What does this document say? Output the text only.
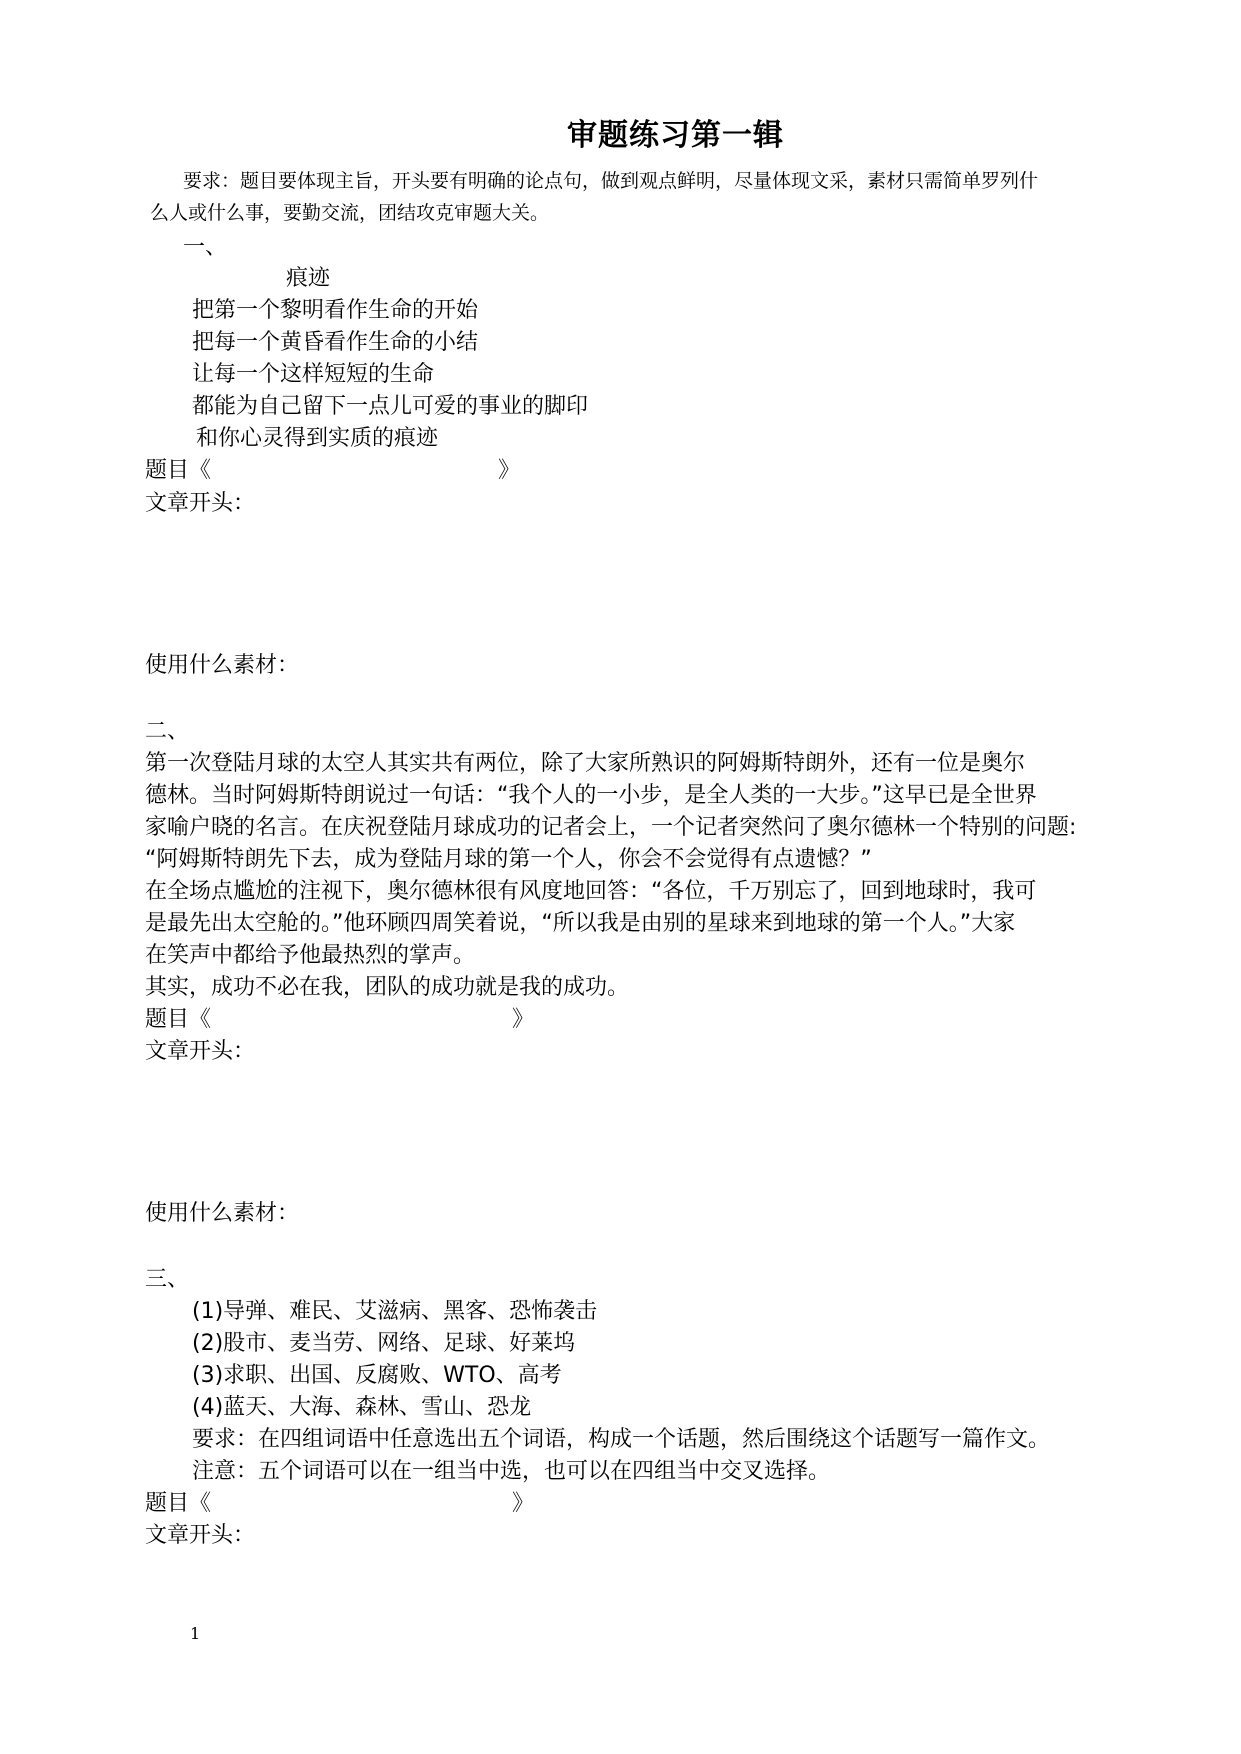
审题练习第一辑
要求：题目要体现主旨，开头要有明确的论点句，做到观点鲜明，尽量体现文采，素材只需简单罗列什
么人或什么事，要勤交流，团结攻克审题大关。
一、
痕迹
把第一个黎明看作生命的开始
把每一个黄昏看作生命的小结
让每一个这样短短的生命
都能为自己留下一点儿可爱的事业的脚印
和你心灵得到实质的痕迹
题目《	》
文章开头：
使用什么素材：
二、
第一次登陆月球的太空人其实共有两位，除了大家所熟识的阿姆斯特朗外，还有一位是奥尔
德林。当时阿姆斯特朗说过一句话：“我个人的一小步，是全人类的一大步。”这早已是全世界
家喻户晓的名言。在庆祝登陆月球成功的记者会上，一个记者突然问了奥尔德林一个特别的问题:
“阿姆斯特朗先下去，成为登陆月球的第一个人，你会不会觉得有点遗憾？”
在全场点尴尬的注视下，奥尔德林很有风度地回答：“各位，千万别忘了，回到地球时，我可
是最先出太空舱的。”他环顾四周笑着说，“所以我是由别的星球来到地球的第一个人。”大家
在笑声中都给予他最热烈的掌声。
其实，成功不必在我，团队的成功就是我的成功。
题目《	》
文章开头：
使用什么素材：
三、
(1)导弹、难民、艾滋病、黑客、恐怖袭击
(2)股市、麦当劳、网络、足球、好莱坞
(3)求职、出国、反腐败、WTO、高考
(4)蓝天、大海、森林、雪山、恐龙
要求：在四组词语中任意选出五个词语，构成一个话题，然后围绕这个话题写一篇作文。
注意：五个词语可以在一组当中选，也可以在四组当中交叉选择。
题目《	》
文章开头：
1
